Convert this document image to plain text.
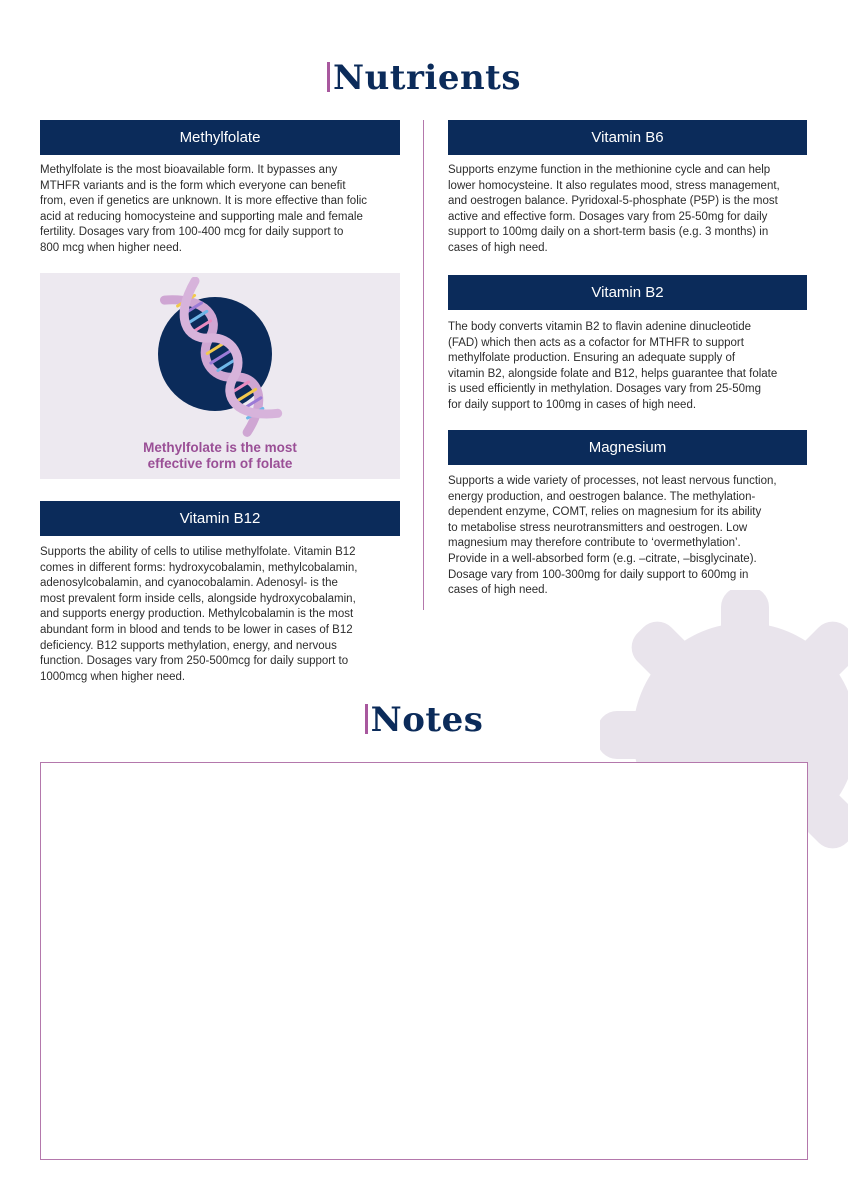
Nutrients
Methylfolate
Methylfolate is the most bioavailable form. It bypasses any
MTHFR variants and is the form which everyone can benefit
from, even if genetics are unknown. It is more effective than folic
acid at reducing homocysteine and supporting male and female
fertility. Dosages vary from 100-400 mcg for daily support to
800 mcg when higher need.
Methylfolate is the most
effective form of folate
Vitamin B12
Supports the ability of cells to utilise methylfolate. Vitamin B12
comes in different forms: hydroxycobalamin, methylcobalamin,
adenosylcobalamin, and cyanocobalamin. Adenosyl- is the
most prevalent form inside cells, alongside hydroxycobalamin,
and supports energy production. Methylcobalamin is the most
abundant form in blood and tends to be lower in cases of B12
deficiency. B12 supports methylation, energy, and nervous
function. Dosages vary from 250-500mcg for daily support to
1000mcg when higher need.
Vitamin B6
Supports enzyme function in the methionine cycle and can help
lower homocysteine. It also regulates mood, stress management,
and oestrogen balance. Pyridoxal-5-phosphate (P5P) is the most
active and effective form. Dosages vary from 25-50mg for daily
support to 100mg daily on a short-term basis (e.g. 3 months) in
cases of high need.
Vitamin B2
The body converts vitamin B2 to flavin adenine dinucleotide
(FAD) which then acts as a cofactor for MTHFR to support
methylfolate production. Ensuring an adequate supply of
vitamin B2, alongside folate and B12, helps guarantee that folate
is used efficiently in methylation. Dosages vary from 25-50mg
for daily support to 100mg in cases of high need.
Magnesium
Supports a wide variety of processes, not least nervous function,
energy production, and oestrogen balance. The methylation-
dependent enzyme, COMT, relies on magnesium for its ability
to metabolise stress neurotransmitters and oestrogen. Low
magnesium may therefore contribute to ‘overmethylation’.
Provide in a well-absorbed form (e.g. –citrate, –bisglycinate).
Dosage vary from 100-300mg for daily support to 600mg in
cases of high need.
Notes
